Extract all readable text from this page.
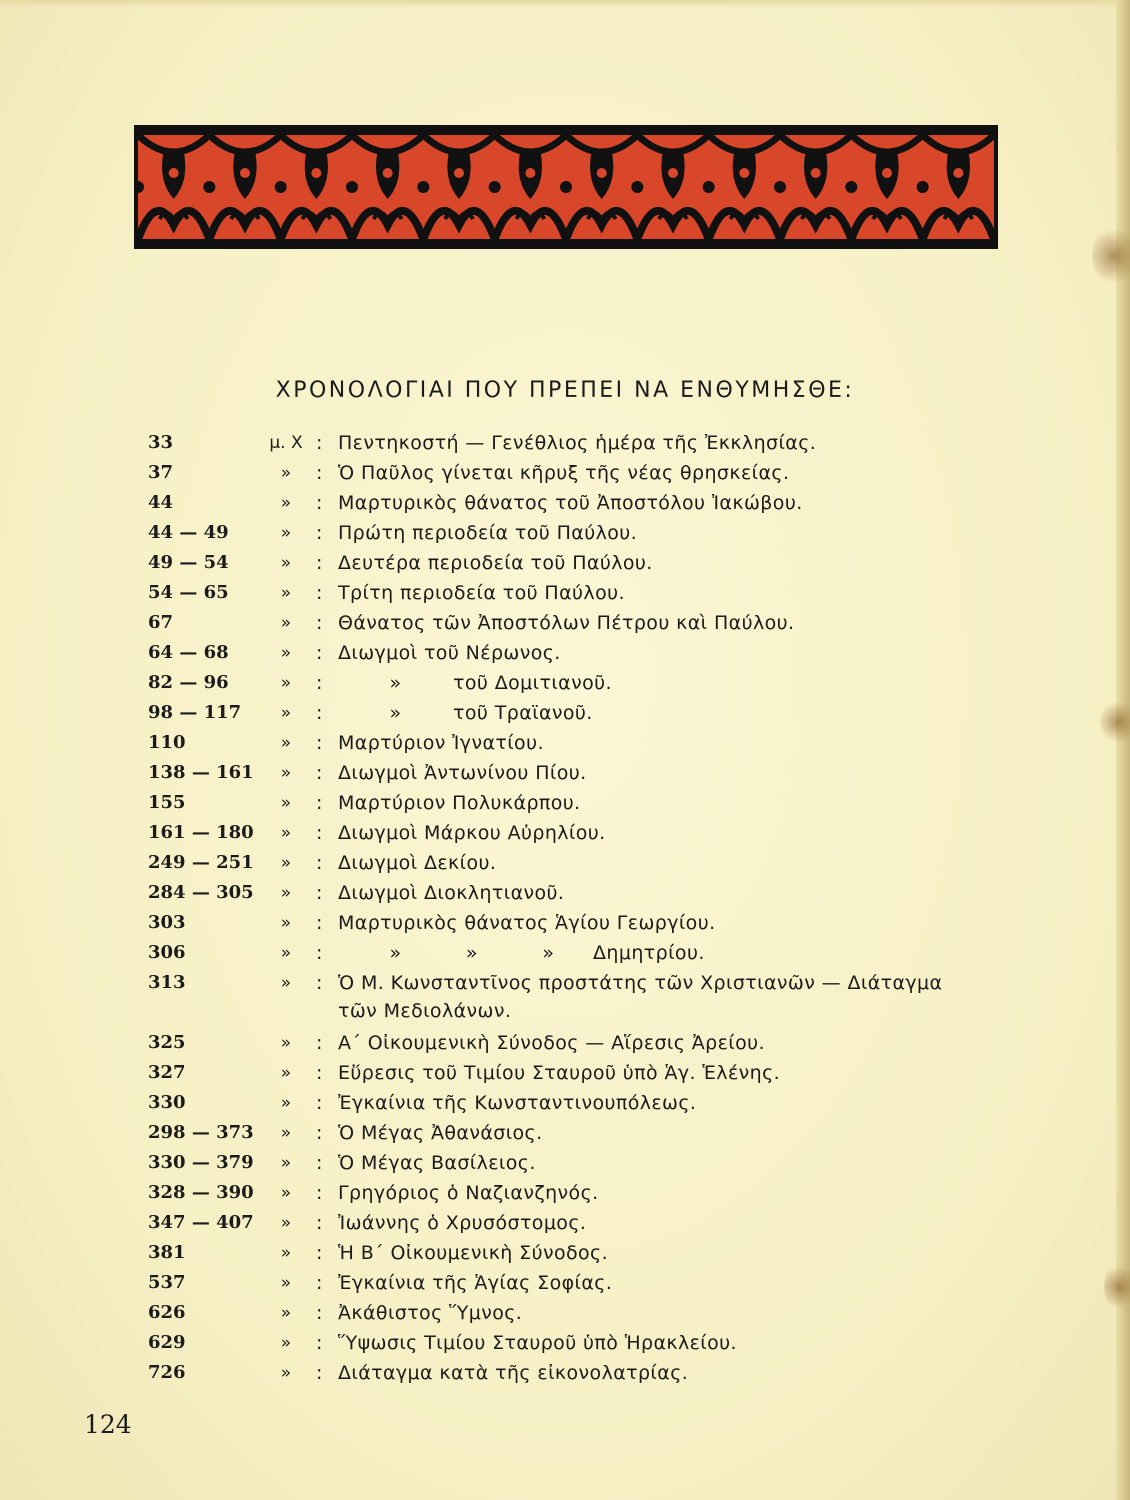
ΧΡΟΝΟΛΟΓΙΑΙ ΠΟΥ ΠΡΕΠΕΙ ΝΑ ΕΝΘΥΜΗΣΘΕ:
33	μ. Χ : Πεντηκοστή — Γενέθλιος ἡμέρα τῆς Ἐκκλησίας.
37	»	: Ὁ Παῦλος γίνεται κῆρυξ τῆς νέας θρησκείας.
44	»	: Μαρτυρικὸς θάνατος τοῦ Ἀποστόλου Ἰακώβου.
44 — 49	»	: Πρώτη περιοδεία τοῦ Παύλου.
49 — 54	»	: Δευτέρα περιοδεία τοῦ Παύλου.
54 — 65	»	: Τρίτη περιοδεία τοῦ Παύλου.
67	»	: Θάνατος τῶν Ἀποστόλων Πέτρου καὶ Παύλου.
64 — 68	»	: Διωγμοὶ τοῦ Νέρωνος.
82 — 96	»	: »        τοῦ Δομιτιανοῦ.
98 — 117	»	: »        τοῦ Τραϊανοῦ.
110	»	: Μαρτύριον Ἰγνατίου.
138 — 161	»	: Διωγμοὶ Ἀντωνίνου Πίου.
155	»	: Μαρτύριον Πολυκάρπου.
161 — 180	»	: Διωγμοὶ Μάρκου Αὐρηλίου.
249 — 251	»	: Διωγμοὶ Δεκίου.
284 — 305	»	: Διωγμοὶ Διοκλητιανοῦ.
303	»	: Μαρτυρικὸς θάνατος Ἁγίου Γεωργίου.
306	»	: »          »          »      Δημητρίου.
313	»	: Ὁ Μ. Κωνσταντῖνος προστάτης τῶν Χριστιανῶν — Διάταγμα τῶν Μεδιολάνων.
325	»	: Α΄ Οἰκουμενικὴ Σύνοδος — Αἵρεσις Ἀρείου.
327	»	: Εὕρεσις τοῦ Τιμίου Σταυροῦ ὑπὸ Ἁγ. Ἑλένης.
330	»	: Ἐγκαίνια τῆς Κωνσταντινουπόλεως.
298 — 373	»	: Ὁ Μέγας Ἀθανάσιος.
330 — 379	»	: Ὁ Μέγας Βασίλειος.
328 — 390	»	: Γρηγόριος ὁ Ναζιανζηνός.
347 — 407	»	: Ἰωάννης ὁ Χρυσόστομος.
381	»	: Ἡ Β΄ Οἰκουμενικὴ Σύνοδος.
537	»	: Ἐγκαίνια τῆς Ἁγίας Σοφίας.
626	»	: Ἀκάθιστος Ὕμνος.
629	»	: Ὕψωσις Τιμίου Σταυροῦ ὑπὸ Ἡρακλείου.
726	»	: Διάταγμα κατὰ τῆς εἰκονολατρίας.
124
